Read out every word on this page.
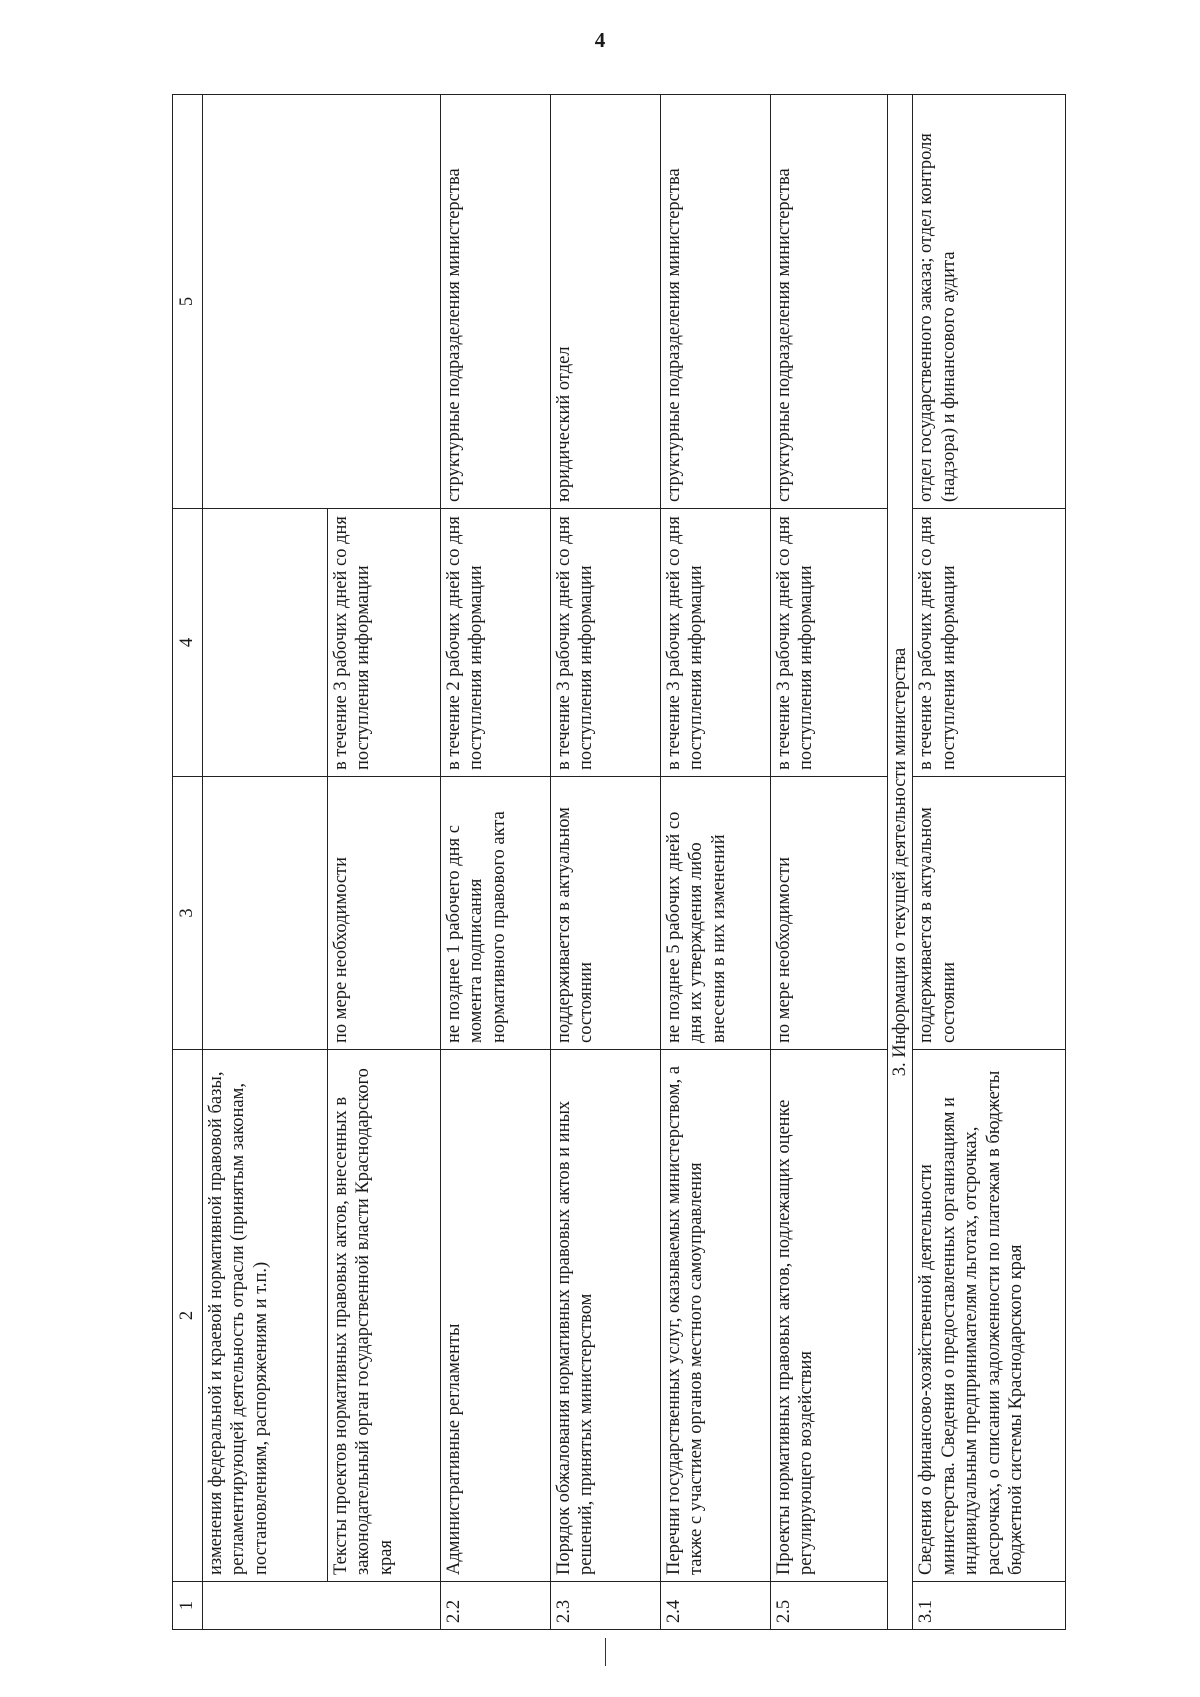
4
1	2	3	4	5
	изменения федеральной и краевой нормативной правовой базы, регламентирующей деятельность отрасли (принятым законам, постановлениям, распоряжениям и т.п.)			
	Тексты проектов нормативных правовых актов, внесенных в законодательный орган государственной власти Краснодарского края	по мере необходимости	в течение 3 рабочих дней со дня поступления информации	
2.2	Административные регламенты	не позднее 1 рабочего дня с момента подписания нормативного правового акта	в течение 2 рабочих дней со дня поступления информации	структурные подразделения министерства
2.3	Порядок обжалования нормативных правовых актов и иных решений, принятых министерством	поддерживается в актуальном состоянии	в течение 3 рабочих дней со дня поступления информации	юридический отдел
2.4	Перечни государственных услуг, оказываемых министерством, а также с участием органов местного самоуправления	не позднее 5 рабочих дней со дня их утверждения либо внесения в них изменений	в течение 3 рабочих дней со дня поступления информации	структурные подразделения министерства
2.5	Проекты нормативных правовых актов, подлежащих оценке регулирующего воздействия	по мере необходимости	в течение 3 рабочих дней со дня поступления информации	структурные подразделения министерства
3. Информация о текущей деятельности министерства				
3.1	Сведения о финансово-хозяйственной деятельности министерства. Сведения о предоставленных организациям и индивидуальным предпринимателям льготах, отсрочках, рассрочках, о списании задолженности по платежам в бюджеты бюджетной системы Краснодарского края	поддерживается в актуальном состоянии	в течение 3 рабочих дней со дня поступления информации	отдел государственного заказа; отдел контроля (надзора) и финансового аудита
